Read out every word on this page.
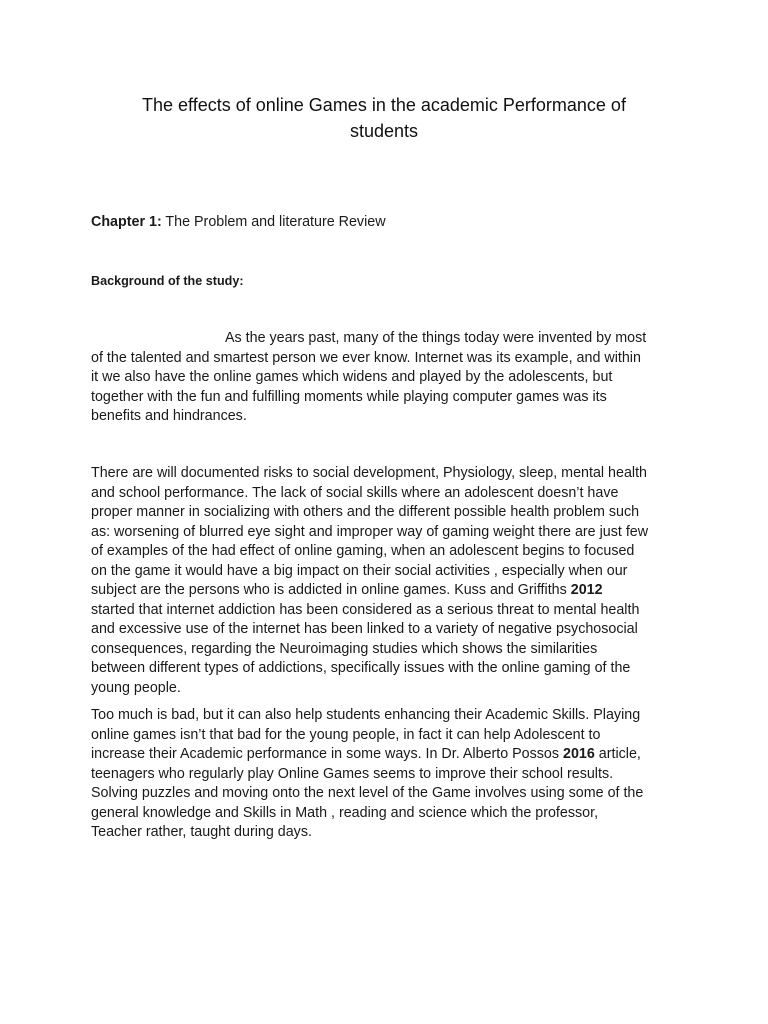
The effects of online Games in the academic Performance of
students

Chapter 1: The Problem and literature Review

Background of the study:

As the years past, many of the things today were invented by most
of the talented and smartest person we ever know. Internet was its example, and within
it we also have the online games which widens and played by the adolescents, but
together with the fun and fulfilling moments while playing computer games was its
benefits and hindrances.

There are will documented risks to social development, Physiology, sleep, mental health
and school performance. The lack of social skills where an adolescent doesn’t have
proper manner in socializing with others and the different possible health problem such
as: worsening of blurred eye sight and improper way of gaming weight there are just few
of examples of the had effect of online gaming, when an adolescent begins to focused
on the game it would have a big impact on their social activities , especially when our
subject are the persons who is addicted in online games. Kuss and Griffiths 2012
started that internet addiction has been considered as a serious threat to mental health
and excessive use of the internet has been linked to a variety of negative psychosocial
consequences, regarding the Neuroimaging studies which shows the similarities
between different types of addictions, specifically issues with the online gaming of the
young people.

Too much is bad, but it can also help students enhancing their Academic Skills. Playing
online games isn’t that bad for the young people, in fact it can help Adolescent to
increase their Academic performance in some ways. In Dr. Alberto Possos 2016 article,
teenagers who regularly play Online Games seems to improve their school results.
Solving puzzles and moving onto the next level of the Game involves using some of the
general knowledge and Skills in Math , reading and science which the professor,
Teacher rather, taught during days.
